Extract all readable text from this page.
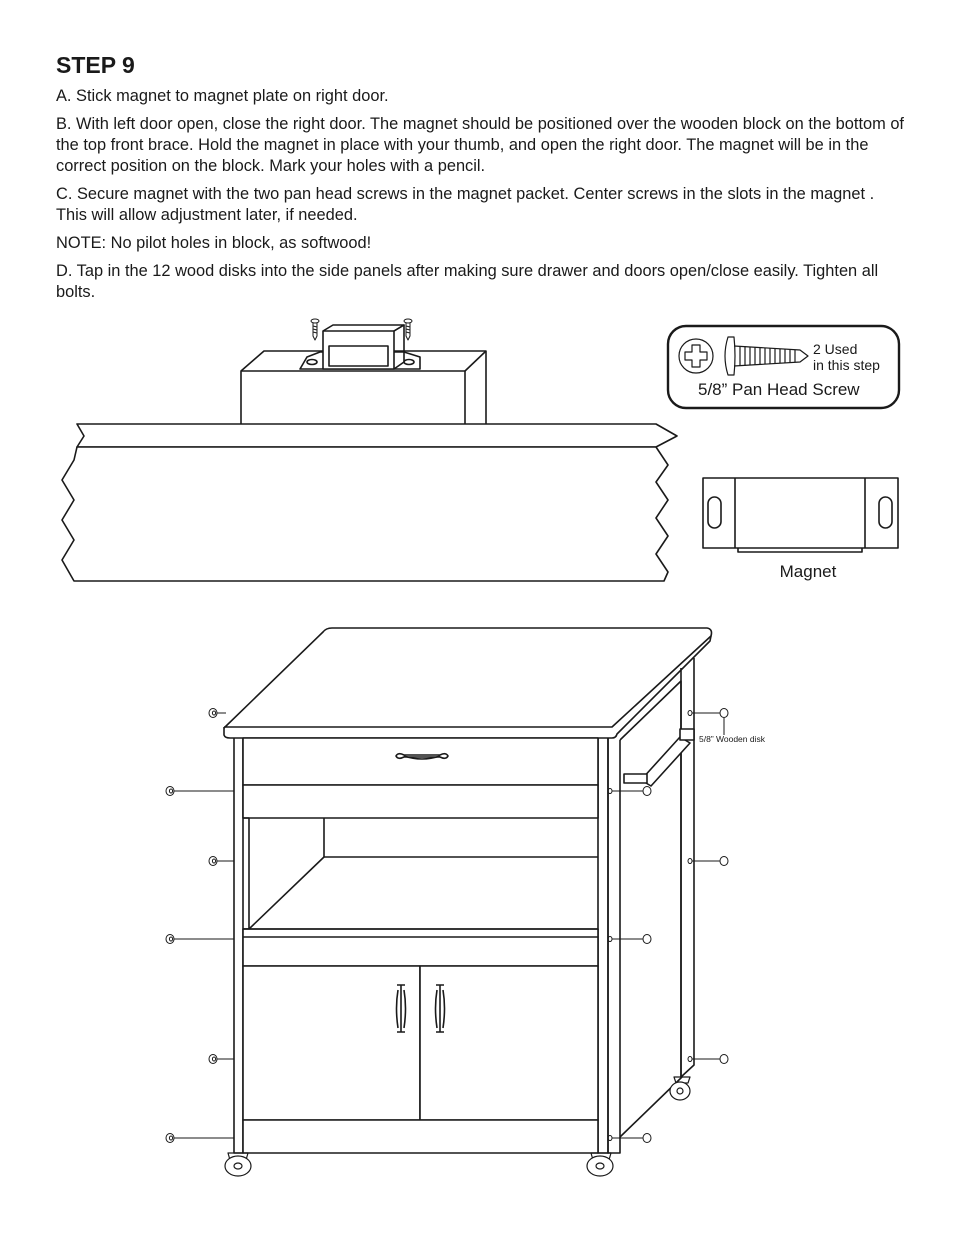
STEP 9

A. Stick magnet to magnet plate on right door.

B. With left door open, close the right door. The magnet should be positioned over the wooden block on the bottom of the top front brace. Hold the magnet in place with your thumb, and open the right door. The magnet will be in the correct position on the block. Mark your holes with a pencil.

C. Secure magnet with the two pan head screws in the magnet packet. Center screws in the slots in the magnet . This will allow adjustment later, if needed.

NOTE: No pilot holes in block, as softwood!

D. Tap in the 12 wood disks into the side panels after making sure drawer and doors open/close easily. Tighten all bolts.

2 Used
in this step
5/8” Pan Head Screw
Magnet
5/8” Wooden disk
